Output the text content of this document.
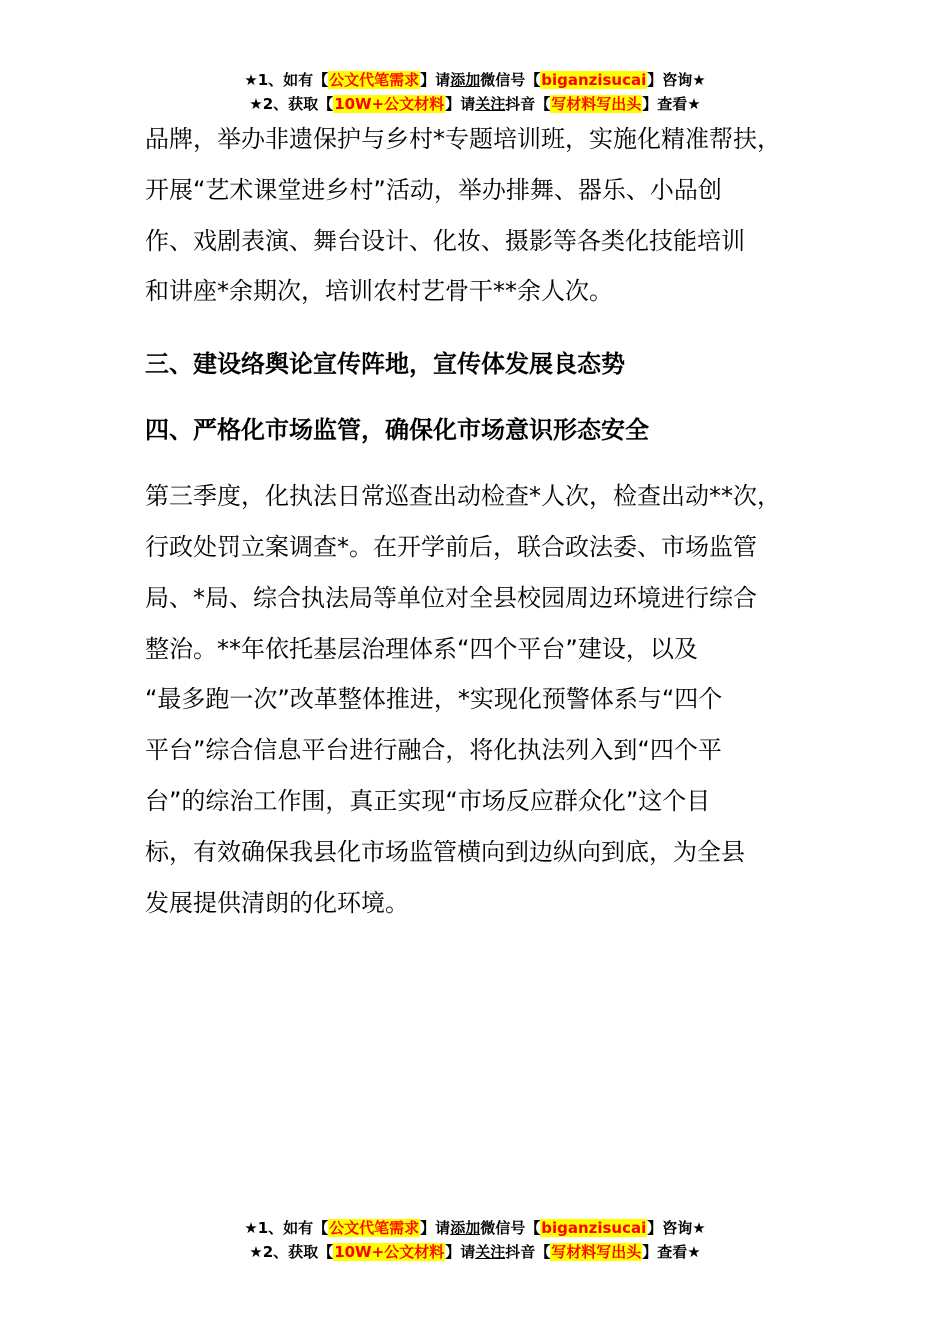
★1、如有【公文代笔需求】请添加微信号【biganzisucai】咨询★
★2、获取【10W+公文材料】请关注抖音【写材料写出头】查看★

品牌，举办非遗保护与乡村*专题培训班，实施化精准帮扶，
开展“艺术课堂进乡村”活动，举办排舞、器乐、小品创
作、戏剧表演、舞台设计、化妆、摄影等各类化技能培训
和讲座*余期次，培训农村艺骨干**余人次。

三、建设络舆论宣传阵地，宣传体发展良态势
四、严格化市场监管，确保化市场意识形态安全

第三季度，化执法日常巡查出动检查*人次，检查出动**次，
行政处罚立案调查*。在开学前后，联合政法委、市场监管
局、*局、综合执法局等单位对全县校园周边环境进行综合
整治。**年依托基层治理体系“四个平台”建设，以及
“最多跑一次”改革整体推进，*实现化预警体系与“四个
平台”综合信息平台进行融合，将化执法列入到“四个平
台”的综治工作围，真正实现“市场反应群众化”这个目
标，有效确保我县化市场监管横向到边纵向到底，为全县
发展提供清朗的化环境。

★1、如有【公文代笔需求】请添加微信号【biganzisucai】咨询★
★2、获取【10W+公文材料】请关注抖音【写材料写出头】查看★
